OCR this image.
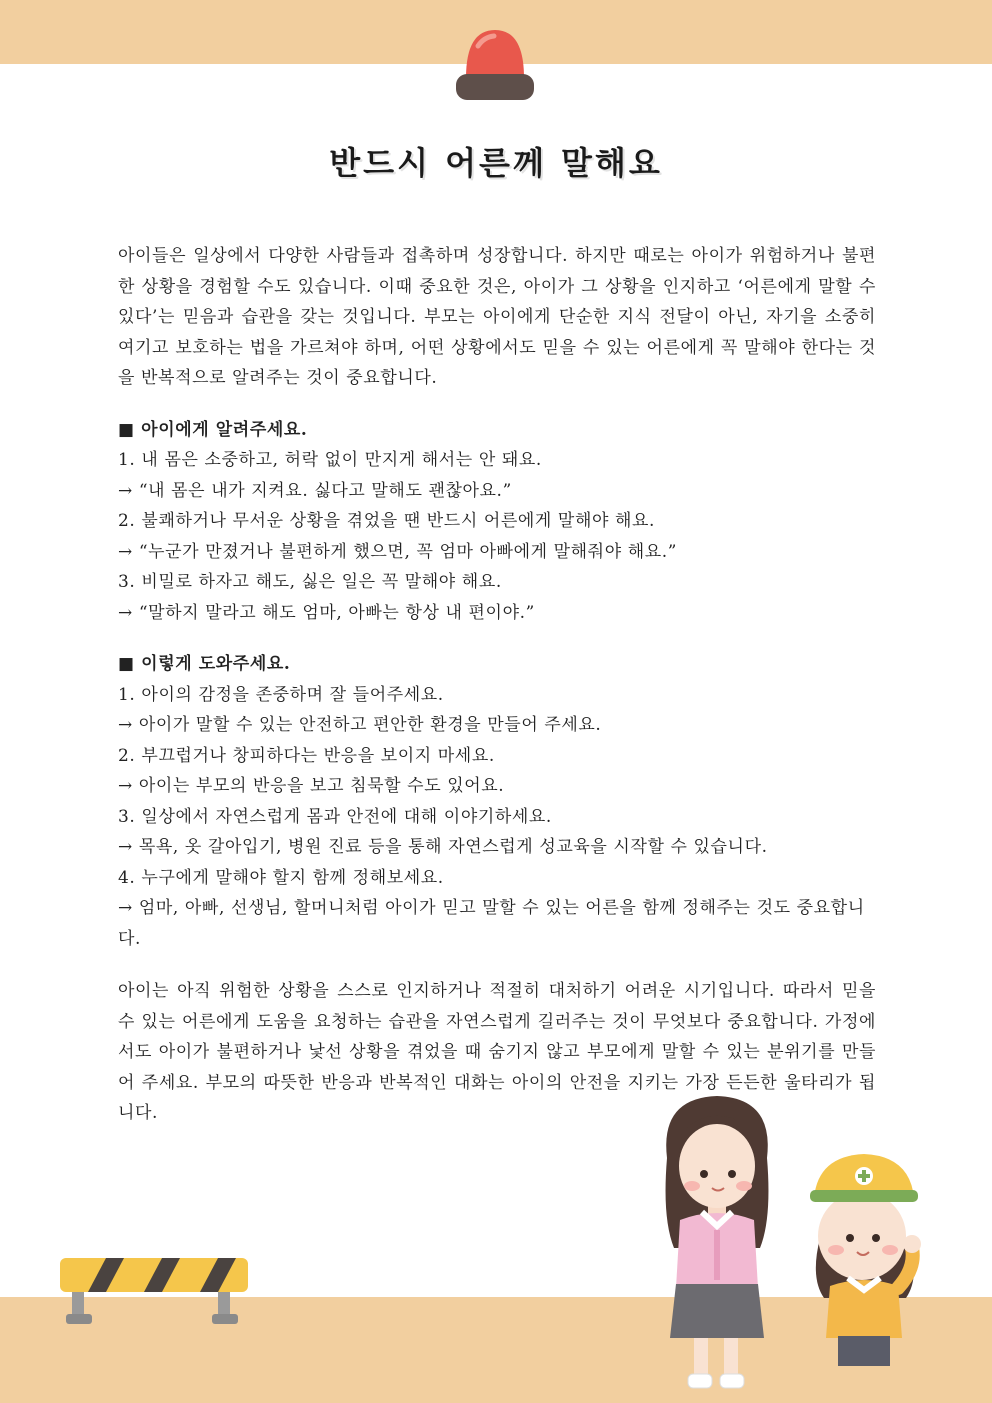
반드시 어른께 말해요

아이들은 일상에서 다양한 사람들과 접촉하며 성장합니다. 하지만 때로는 아이가 위험하거나 불편한 상황을 경험할 수도 있습니다. 이때 중요한 것은, 아이가 그 상황을 인지하고 ‘어른에게 말할 수 있다’는 믿음과 습관을 갖는 것입니다. 부모는 아이에게 단순한 지식 전달이 아닌, 자기을 소중히 여기고 보호하는 법을 가르쳐야 하며, 어떤 상황에서도 믿을 수 있는 어른에게 꼭 말해야 한다는 것을 반복적으로 알려주는 것이 중요합니다.

■ 아이에게 알려주세요.

1. 내 몸은 소중하고, 허락 없이 만지게 해서는 안 돼요.

→ “내 몸은 내가 지켜요. 싫다고 말해도 괜찮아요.”

2. 불쾌하거나 무서운 상황을 겪었을 땐 반드시 어른에게 말해야 해요.

→ “누군가 만졌거나 불편하게 했으면, 꼭 엄마 아빠에게 말해줘야 해요.”

3. 비밀로 하자고 해도, 싫은 일은 꼭 말해야 해요.

→ “말하지 말라고 해도 엄마, 아빠는 항상 내 편이야.”

■ 이렇게 도와주세요.

1. 아이의 감정을 존중하며 잘 들어주세요.

→ 아이가 말할 수 있는 안전하고 편안한 환경을 만들어 주세요.

2. 부끄럽거나 창피하다는 반응을 보이지 마세요.

→ 아이는 부모의 반응을 보고 침묵할 수도 있어요.

3. 일상에서 자연스럽게 몸과 안전에 대해 이야기하세요.

→ 목욕, 옷 갈아입기, 병원 진료 등을 통해 자연스럽게 성교육을 시작할 수 있습니다.

4. 누구에게 말해야 할지 함께 정해보세요.

→ 엄마, 아빠, 선생님, 할머니처럼 아이가 믿고 말할 수 있는 어른을 함께 정해주는 것도 중요합니다.

아이는 아직 위험한 상황을 스스로 인지하거나 적절히 대처하기 어려운 시기입니다. 따라서 믿을 수 있는 어른에게 도움을 요청하는 습관을 자연스럽게 길러주는 것이 무엇보다 중요합니다. 가정에서도 아이가 불편하거나 낯선 상황을 겪었을 때 숨기지 않고 부모에게 말할 수 있는 분위기를 만들어 주세요. 부모의 따뜻한 반응과 반복적인 대화는 아이의 안전을 지키는 가장 든든한 울타리가 됩니다.
